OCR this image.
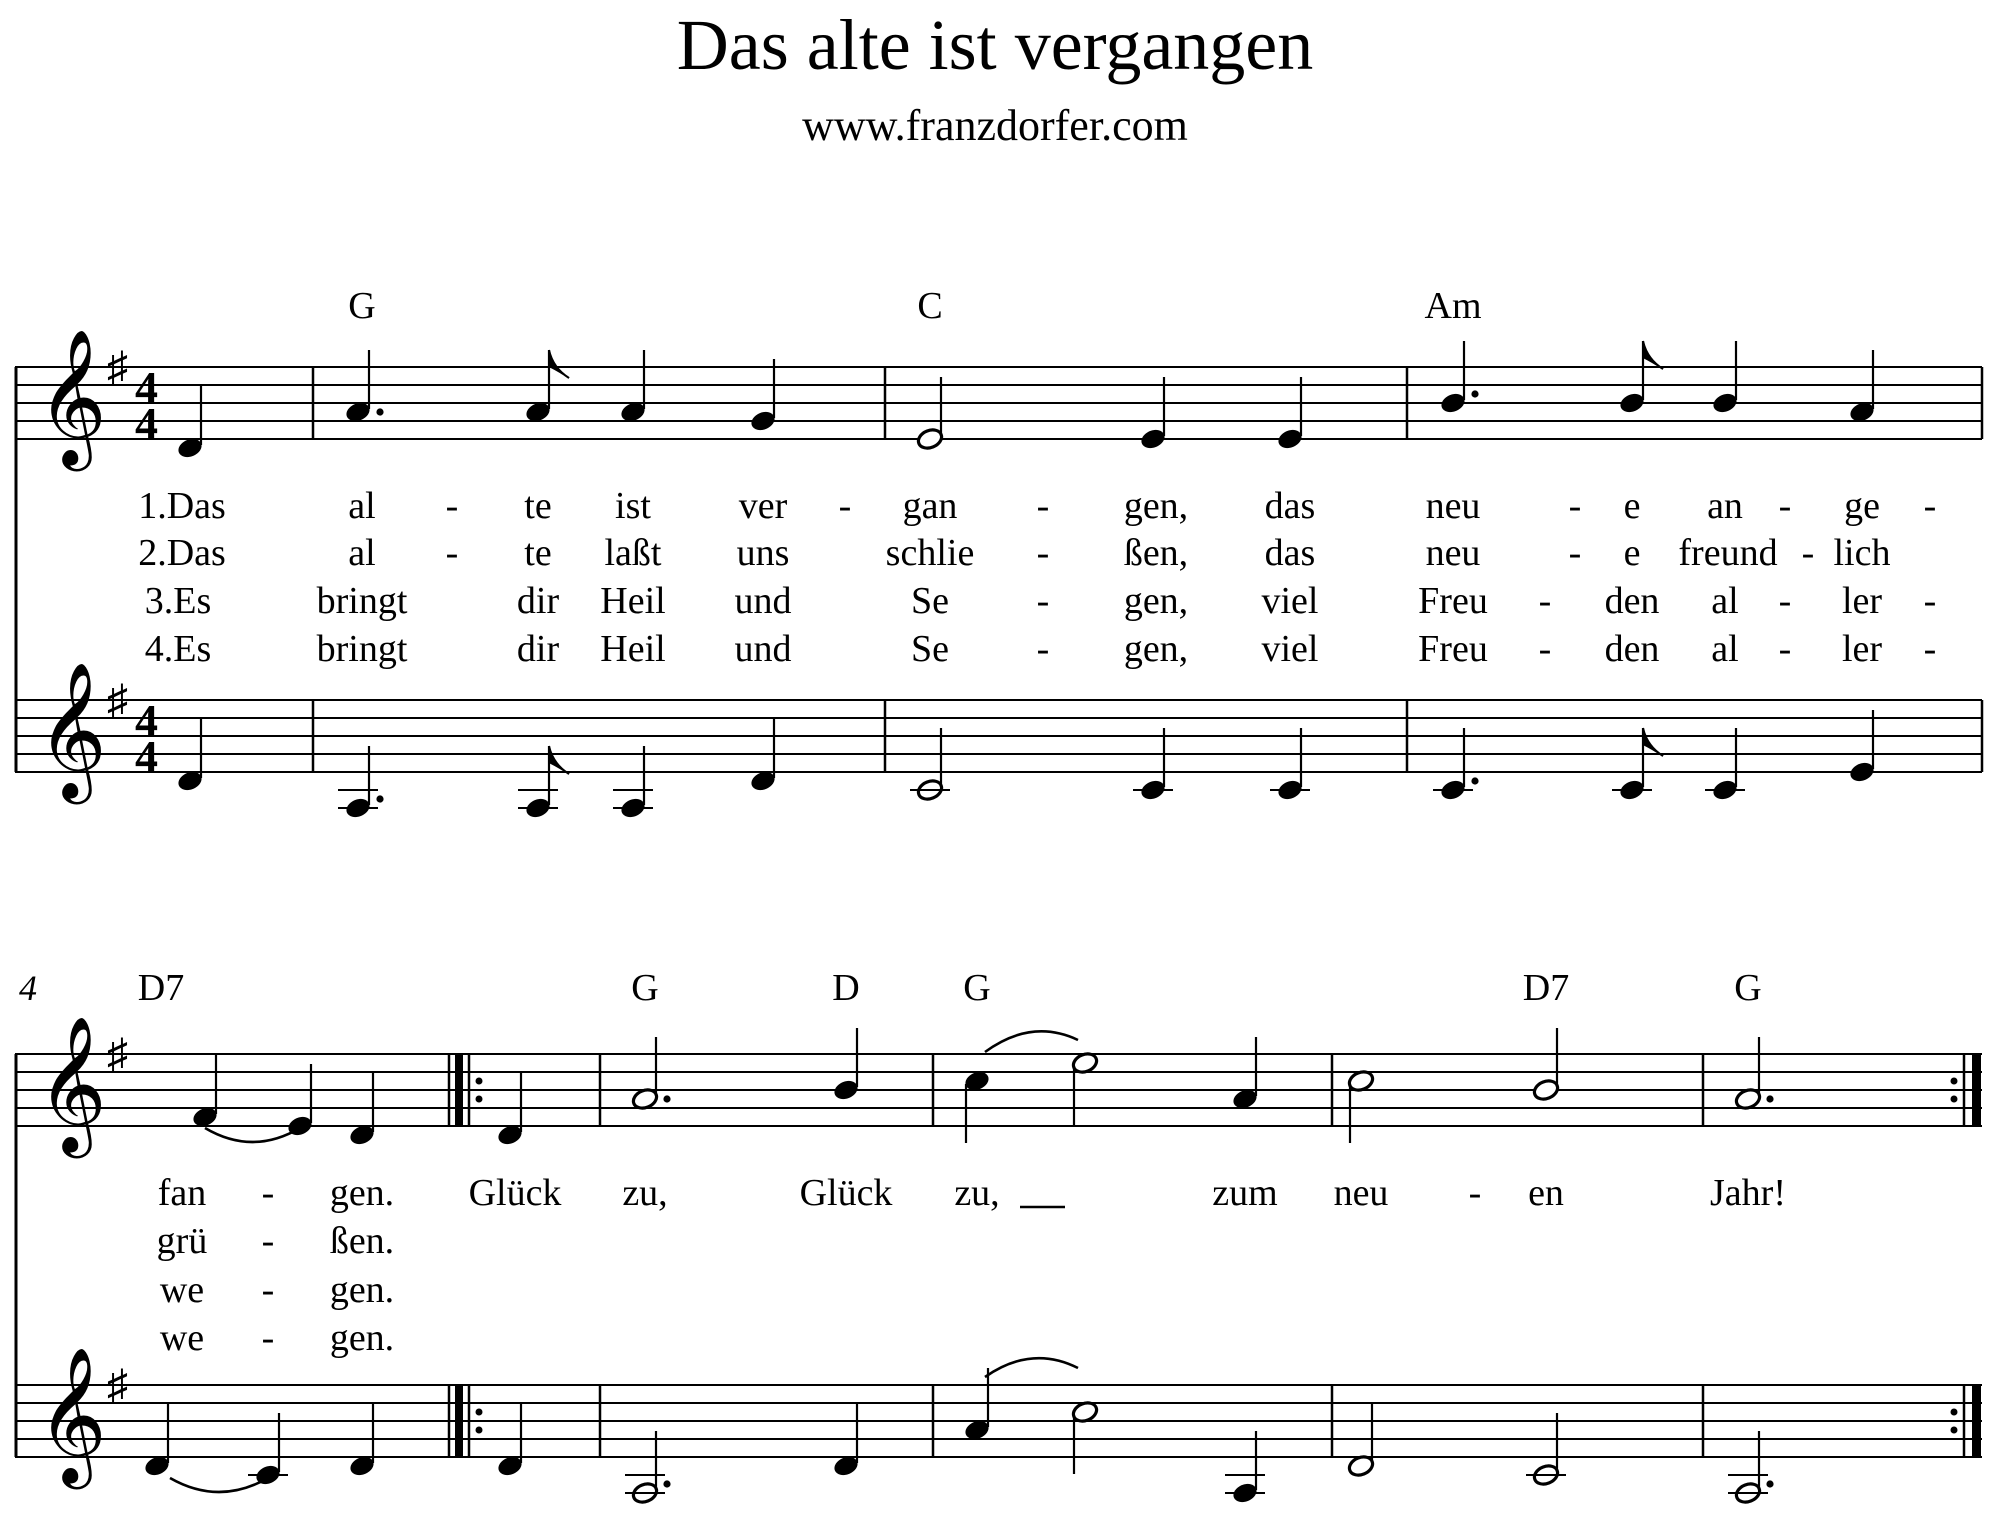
Das alte ist vergangen
www.franzdorfer.com
𝄞 ♯ 4
4
𝄞 ♯ 4
4
𝄞 ♯
𝄞 ♯
G	C	Am
4	D7	G	D	G	D7	G
1.Das	al - te ist ver - gan - gen, das	neu - e an - ge -
2.Das	al - te laßt uns	schlie - ßen, das	neu - e freund - lich
3.Es	bringt	dir Heil und	Se - gen, viel	Freu - den al - ler -
4.Es	bringt	dir Heil und	Se - gen, viel	Freu - den al - ler -
fan - gen. Glück zu,	Glück zu,	zum neu - en	Jahr!
grü - ßen.
we - gen.
we - gen.
